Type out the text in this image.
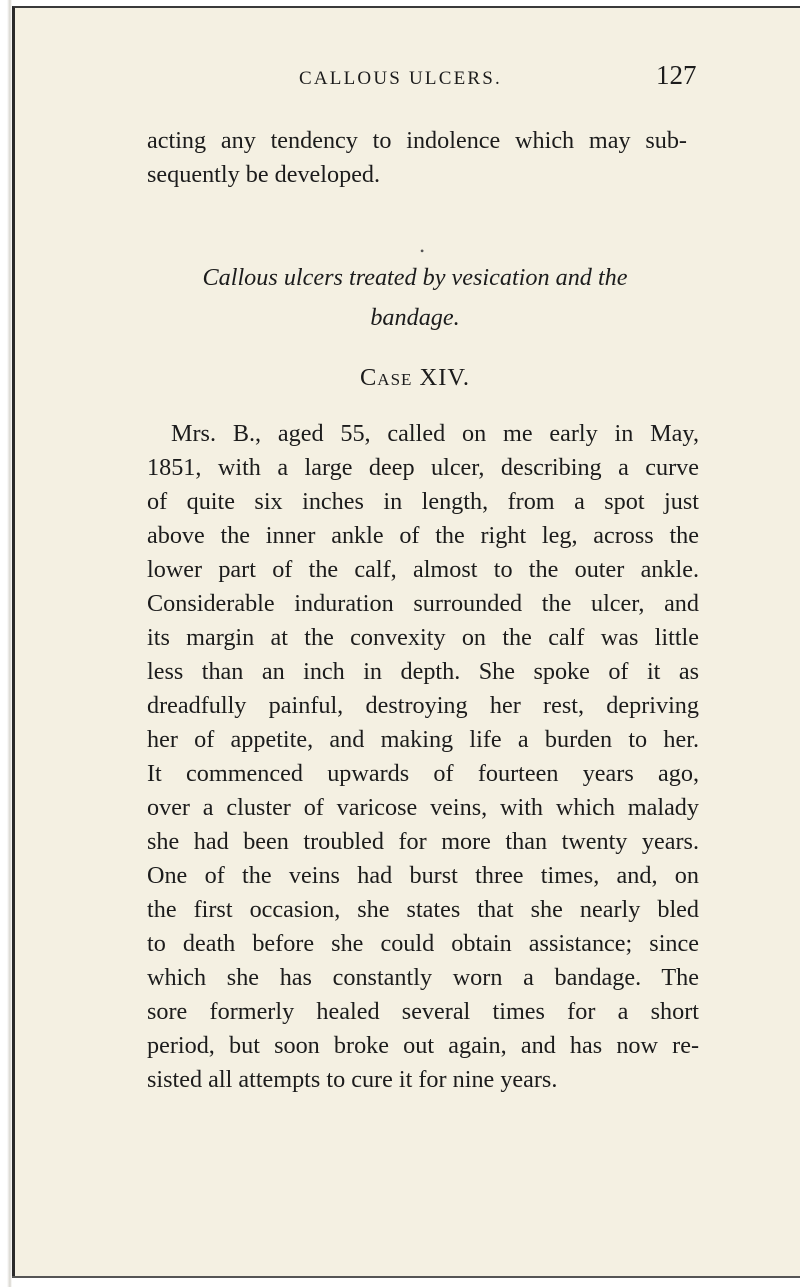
CALLOUS ULCERS.	127
acting any tendency to indolence which may sub-
sequently be developed.
•
Callous ulcers treated by vesication and the
bandage.
Case XIV.
Mrs. B., aged 55, called on me early in May,
1851, with a large deep ulcer, describing a curve
of quite six inches in length, from a spot just
above the inner ankle of the right leg, across the
lower part of the calf, almost to the outer ankle.
Considerable induration surrounded the ulcer, and
its margin at the convexity on the calf was little
less than an inch in depth. She spoke of it as
dreadfully painful, destroying her rest, depriving
her of appetite, and making life a burden to her.
It commenced upwards of fourteen years ago,
over a cluster of varicose veins, with which malady
she had been troubled for more than twenty years.
One of the veins had burst three times, and, on
the first occasion, she states that she nearly bled
to death before she could obtain assistance; since
which she has constantly worn a bandage. The
sore formerly healed several times for a short
period, but soon broke out again, and has now re-
sisted all attempts to cure it for nine years.
